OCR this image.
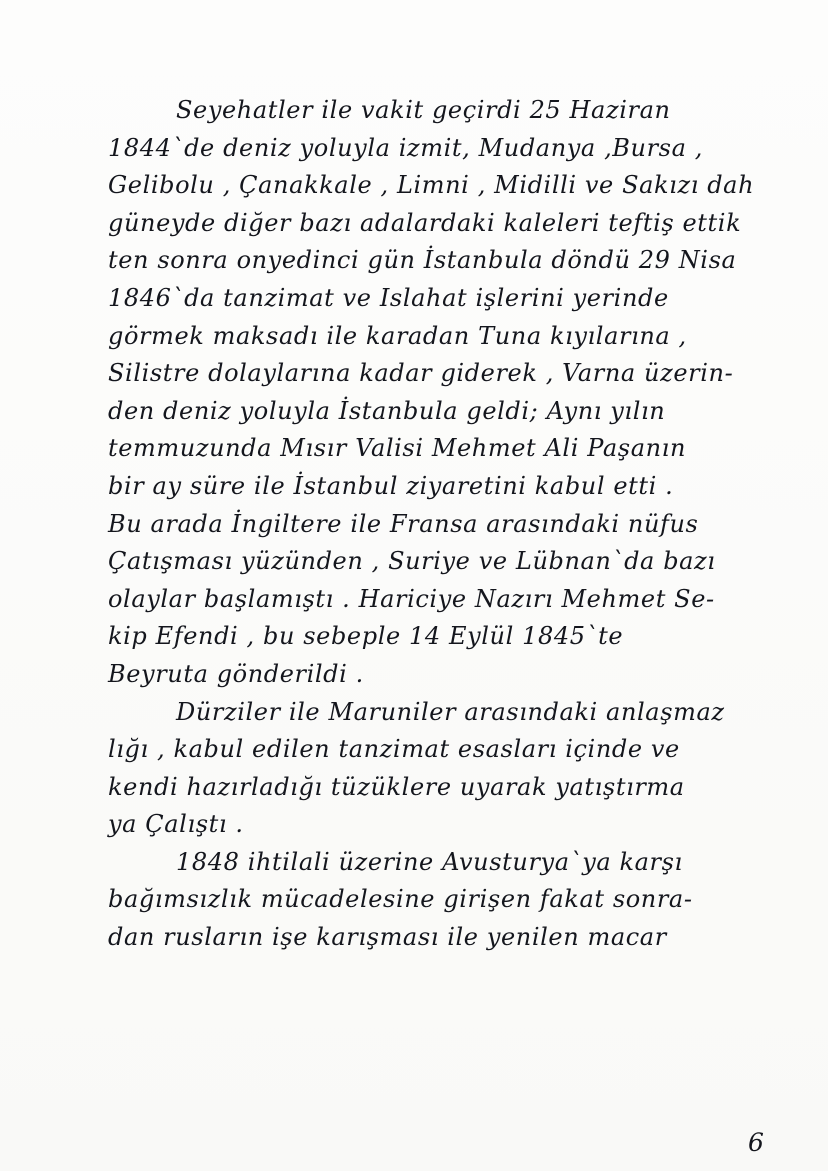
Seyehatler ile vakit geçirdi 25 Haziran
1844`de deniz yoluyla izmit, Mudanya ,Bursa ,
Gelibolu , Çanakkale , Limni , Midilli ve Sakızı dah
güneyde diğer bazı adalardaki kaleleri teftiş ettik
ten sonra onyedinci gün İstanbula döndü 29 Nisa
1846`da tanzimat ve Islahat işlerini yerinde
görmek maksadı ile karadan Tuna kıyılarına ,
Silistre dolaylarına kadar giderek , Varna üzerin-
den deniz yoluyla İstanbula geldi; Aynı yılın
temmuzunda Mısır Valisi Mehmet Ali Paşanın
bir ay süre ile İstanbul ziyaretini kabul etti .
Bu arada İngiltere ile Fransa arasındaki nüfus
Çatışması yüzünden , Suriye ve Lübnan`da bazı
olaylar başlamıştı . Hariciye Nazırı Mehmet Se-
kip Efendi , bu sebeple 14 Eylül 1845`te
Beyruta gönderildi .
Dürziler ile Maruniler arasındaki anlaşmaz
lığı , kabul edilen tanzimat esasları içinde ve
kendi hazırladığı tüzüklere uyarak yatıştırma
ya Çalıştı .
1848 ihtilali üzerine Avusturya`ya karşı
bağımsızlık mücadelesine girişen fakat sonra-
dan rusların işe karışması ile yenilen macar
6
